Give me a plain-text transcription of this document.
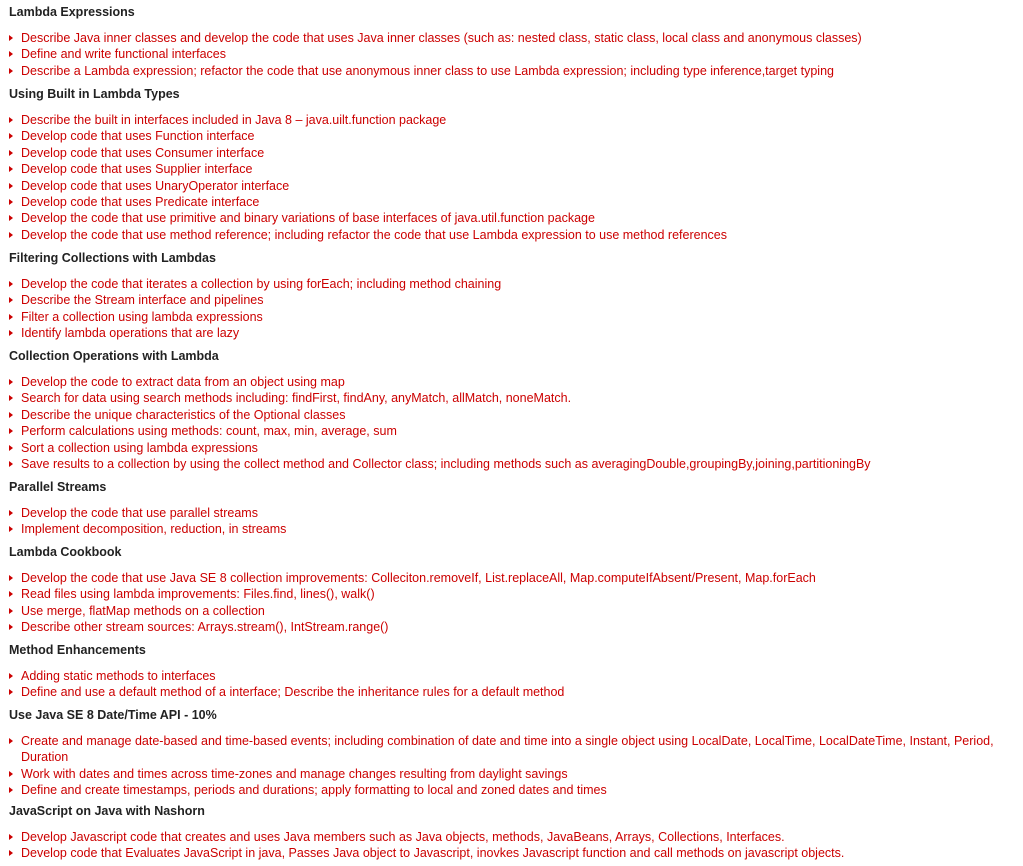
Lambda Expressions
Describe Java inner classes and develop the code that uses Java inner classes (such as: nested class, static class, local class and anonymous classes)
Define and write functional interfaces
Describe a Lambda expression; refactor the code that use anonymous inner class to use Lambda expression; including type inference,target typing
Using Built in Lambda Types
Describe the built in interfaces included in Java 8 – java.uilt.function package
Develop code that uses Function interface
Develop code that uses Consumer interface
Develop code that uses Supplier interface
Develop code that uses UnaryOperator interface
Develop code that uses Predicate interface
Develop the code that use primitive and binary variations of base interfaces of java.util.function package
Develop the code that use method reference; including refactor the code that use Lambda expression to use method references
Filtering Collections with Lambdas
Develop the code that iterates a collection by using forEach; including method chaining
Describe the Stream interface and pipelines
Filter a collection using lambda expressions
Identify lambda operations that are lazy
Collection Operations with Lambda
Develop the code to extract data from an object using map
Search for data using search methods including: findFirst, findAny, anyMatch, allMatch, noneMatch.
Describe the unique characteristics of the Optional classes
Perform calculations using methods: count, max, min, average, sum
Sort a collection using lambda expressions
Save results to a collection by using the collect method and Collector class; including methods such as averagingDouble,groupingBy,joining,partitioningBy
Parallel Streams
Develop the code that use parallel streams
Implement decomposition, reduction, in streams
Lambda Cookbook
Develop the code that use Java SE 8 collection improvements: Colleciton.removeIf, List.replaceAll, Map.computeIfAbsent/Present, Map.forEach
Read files using lambda improvements: Files.find, lines(), walk()
Use merge, flatMap methods on a collection
Describe other stream sources: Arrays.stream(), IntStream.range()
Method Enhancements
Adding static methods to interfaces
Define and use a default method of a interface; Describe the inheritance rules for a default method
Use Java SE 8 Date/Time API - 10%
Create and manage date-based and time-based events; including combination of date and time into a single object using LocalDate, LocalTime, LocalDateTime, Instant, Period, Duration
Work with dates and times across time-zones and manage changes resulting from daylight savings
Define and create timestamps, periods and durations; apply formatting to local and zoned dates and times
JavaScript on Java with Nashorn
Develop Javascript code that creates and uses Java members such as Java objects, methods, JavaBeans, Arrays, Collections, Interfaces.
Develop code that Evaluates JavaScript in java, Passes Java object to Javascript, inovkes Javascript function and call methods on javascript objects.
